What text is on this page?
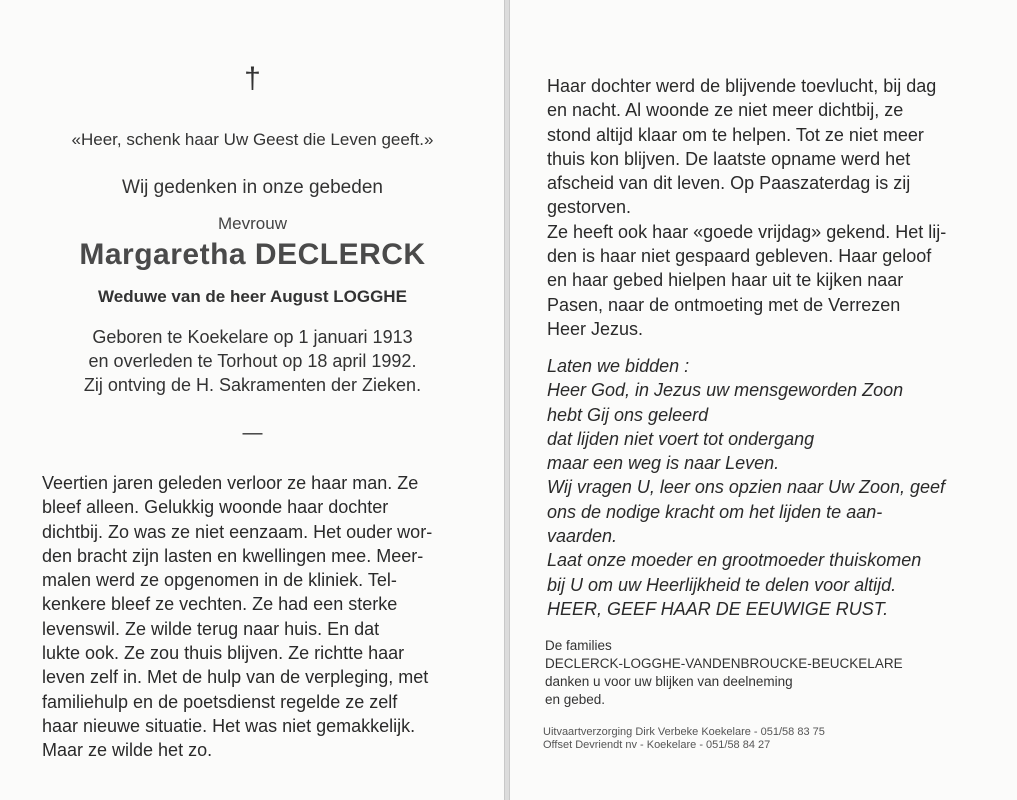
†
«Heer, schenk haar Uw Geest die Leven geeft.»
Wij gedenken in onze gebeden
Mevrouw
Margaretha DECLERCK
Weduwe van de heer August LOGGHE
Geboren te Koekelare op 1 januari 1913
en overleden te Torhout op 18 april 1992.
Zij ontving de H. Sakramenten der Zieken.
—
Veertien jaren geleden verloor ze haar man. Ze
bleef alleen. Gelukkig woonde haar dochter
dichtbij. Zo was ze niet eenzaam. Het ouder wor-
den bracht zijn lasten en kwellingen mee. Meer-
malen werd ze opgenomen in de kliniek. Tel-
kenkere bleef ze vechten. Ze had een sterke
levenswil. Ze wilde terug naar huis. En dat
lukte ook. Ze zou thuis blijven. Ze richtte haar
leven zelf in. Met de hulp van de verpleging, met
familiehulp en de poetsdienst regelde ze zelf
haar nieuwe situatie. Het was niet gemakkelijk.
Maar ze wilde het zo.
Haar dochter werd de blijvende toevlucht, bij dag
en nacht. Al woonde ze niet meer dichtbij, ze
stond altijd klaar om te helpen. Tot ze niet meer
thuis kon blijven. De laatste opname werd het
afscheid van dit leven. Op Paaszaterdag is zij
gestorven.
Ze heeft ook haar «goede vrijdag» gekend. Het lij-
den is haar niet gespaard gebleven. Haar geloof
en haar gebed hielpen haar uit te kijken naar
Pasen, naar de ontmoeting met de Verrezen
Heer Jezus.
Laten we bidden :
Heer God, in Jezus uw mensgeworden Zoon
hebt Gij ons geleerd
dat lijden niet voert tot ondergang
maar een weg is naar Leven.
Wij vragen U, leer ons opzien naar Uw Zoon, geef
ons de nodige kracht om het lijden te aan-
vaarden.
Laat onze moeder en grootmoeder thuiskomen
bij U om uw Heerlijkheid te delen voor altijd.
HEER, GEEF HAAR DE EEUWIGE RUST.
De families
DECLERCK-LOGGHE-VANDENBROUCKE-BEUCKELARE
danken u voor uw blijken van deelneming
en gebed.
Uitvaartverzorging Dirk Verbeke Koekelare - 051/58 83 75
Offset Devriendt nv - Koekelare - 051/58 84 27
